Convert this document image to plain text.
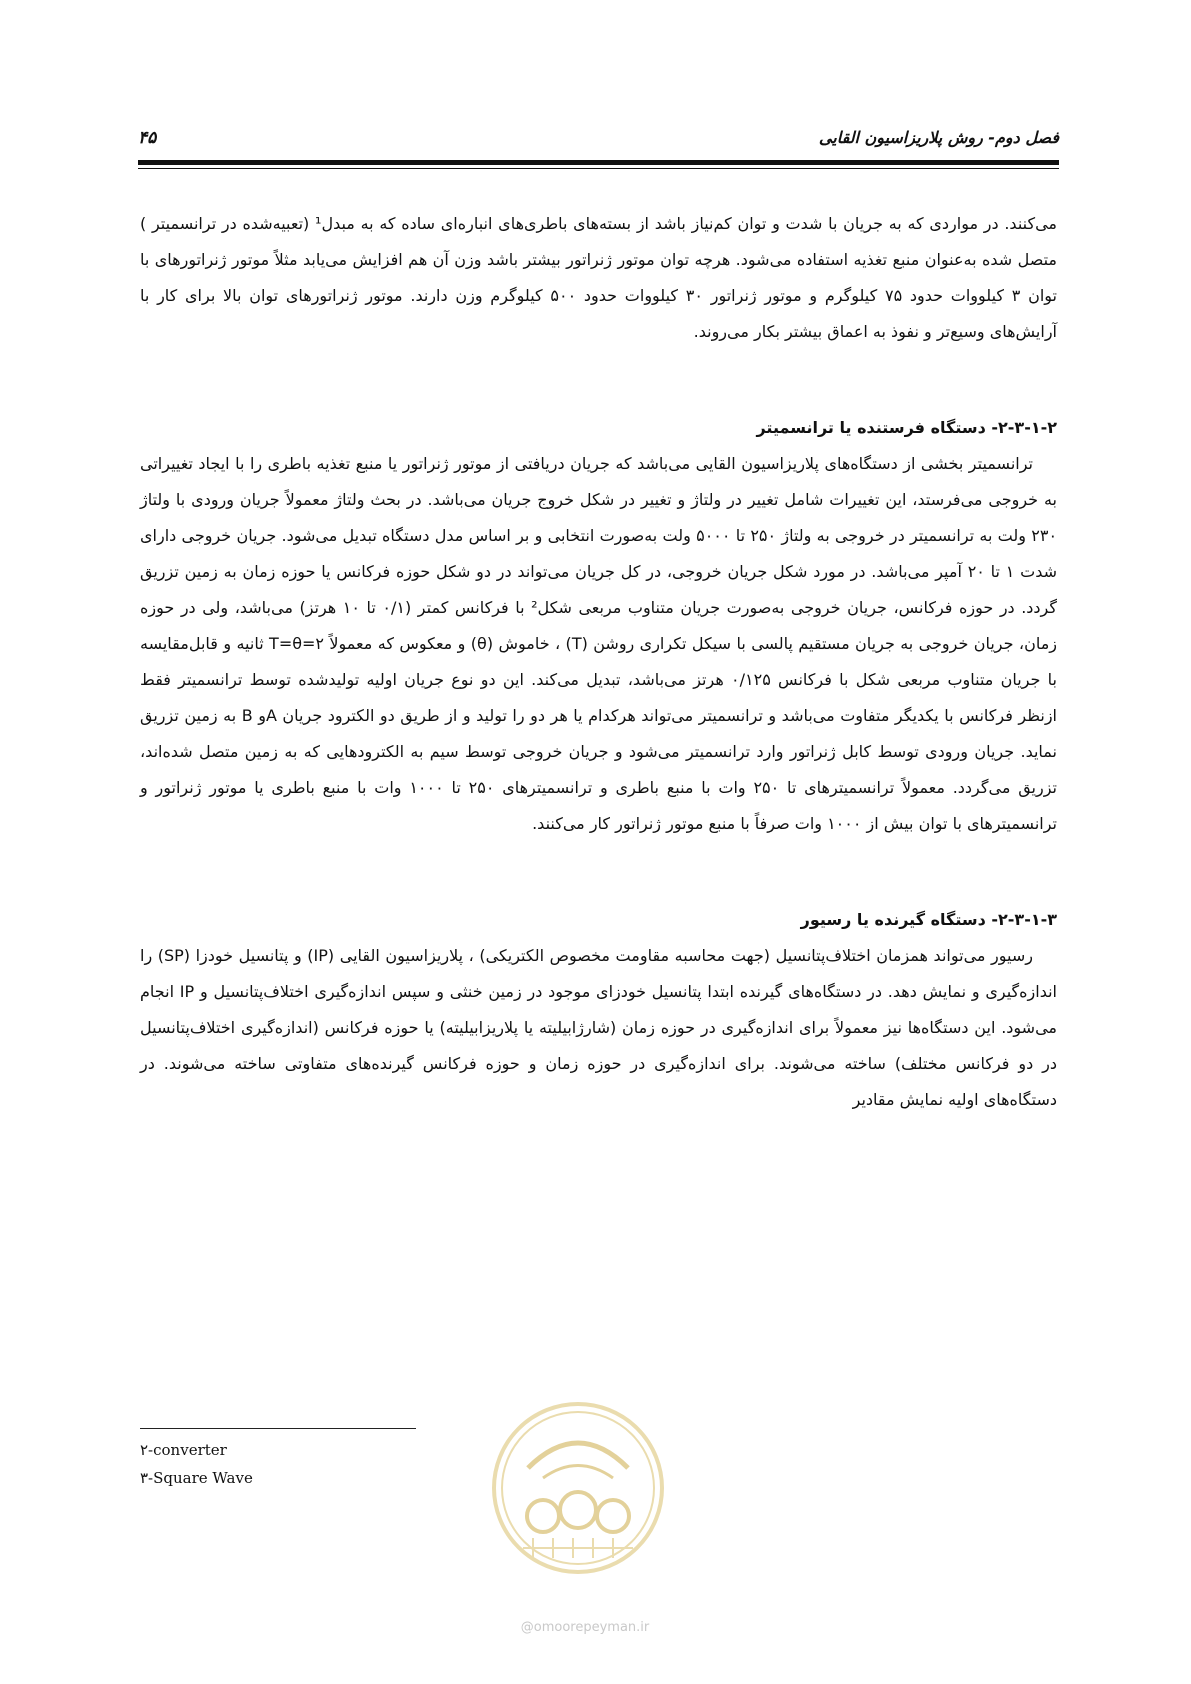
فصل دوم- روش پلاریزاسیون القایی
۴۵

می‌کنند. در مواردی که به جریان با شدت و توان کم‌نیاز باشد از بسته‌های باطری‌های انباره‌ای ساده که به مبدل¹ (تعبیه‌شده در ترانسمیتر ) متصل شده به‌عنوان منبع تغذیه استفاده می‌شود. هرچه توان موتور ژنراتور بیشتر باشد وزن آن هم افزایش می‌یابد مثلاً موتور ژنراتورهای با توان ۳ کیلووات حدود ۷۵ کیلوگرم و موتور ژنراتور ۳۰ کیلووات حدود ۵۰۰ کیلوگرم وزن دارند. موتور ژنراتورهای توان بالا برای کار با آرایش‌های وسیع‌تر و نفوذ به اعماق بیشتر بکار می‌روند.

۲-۳-۱-۲- دستگاه فرستنده یا ترانسمیتر

ترانسمیتر بخشی از دستگاه‌های پلاریزاسیون القایی می‌باشد که جریان دریافتی از موتور ژنراتور یا منبع تغذیه باطری را با ایجاد تغییراتی به خروجی می‌فرستد، این تغییرات شامل تغییر در ولتاژ و تغییر در شکل خروج جریان می‌باشد. در بحث ولتاژ معمولاً جریان ورودی با ولتاژ ۲۳۰ ولت به ترانسمیتر در خروجی به ولتاژ ۲۵۰ تا ۵۰۰۰ ولت به‌صورت انتخابی و بر اساس مدل دستگاه تبدیل می‌شود. جریان خروجی دارای شدت ۱ تا ۲۰ آمپر می‌باشد. در مورد شکل جریان خروجی، در کل جریان می‌تواند در دو شکل حوزه فرکانس یا حوزه زمان به زمین تزریق گردد. در حوزه فرکانس، جریان خروجی به‌صورت جریان متناوب مربعی شکل² با فرکانس کمتر (۰/۱ تا ۱۰ هرتز) می‌باشد، ولی در حوزه زمان، جریان خروجی به جریان مستقیم پالسی با سیکل تکراری روشن (T) ، خاموش (θ) و معکوس که معمولاً T=θ=۲ ثانیه و قابل‌مقایسه با جریان متناوب مربعی شکل با فرکانس ۰/۱۲۵ هرتز می‌باشد، تبدیل می‌کند. این دو نوع جریان اولیه تولیدشده توسط ترانسمیتر فقط ازنظر فرکانس با یکدیگر متفاوت می‌باشد و ترانسمیتر می‌تواند هرکدام یا هر دو را تولید و از طریق دو الکترود جریان Aو B به زمین تزریق نماید. جریان ورودی توسط کابل ژنراتور وارد ترانسمیتر می‌شود و جریان خروجی توسط سیم به الکترودهایی که به زمین متصل شده‌اند، تزریق می‌گردد. معمولاً ترانسمیترهای تا ۲۵۰ وات با منبع باطری و ترانسمیترهای ۲۵۰ تا ۱۰۰۰ وات با منبع باطری یا موتور ژنراتور و ترانسمیترهای با توان بیش از ۱۰۰۰ وات صرفاً با منبع موتور ژنراتور کار می‌کنند.

۲-۳-۱-۳- دستگاه گیرنده یا رسیور

رسیور می‌تواند همزمان اختلاف‌پتانسیل (جهت محاسبه مقاومت مخصوص الکتریکی) ، پلاریزاسیون القایی (IP) و پتانسیل خودزا (SP) را اندازه‌گیری و نمایش دهد. در دستگاه‌های گیرنده ابتدا پتانسیل خودزای موجود در زمین خنثی و سپس اندازه‌گیری اختلاف‌پتانسیل و IP انجام می‌شود. این دستگاه‌ها نیز معمولاً برای اندازه‌گیری در حوزه زمان (شارژابیلیته یا پلاریزابیلیته) یا حوزه فرکانس (اندازه‌گیری اختلاف‌پتانسیل در دو فرکانس مختلف) ساخته می‌شوند. برای اندازه‌گیری در حوزه زمان و حوزه فرکانس گیرنده‌های متفاوتی ساخته می‌شوند. در دستگاه‌های اولیه نمایش مقادیر

۲-converter
۳-Square Wave
@omoorepeyman.ir
